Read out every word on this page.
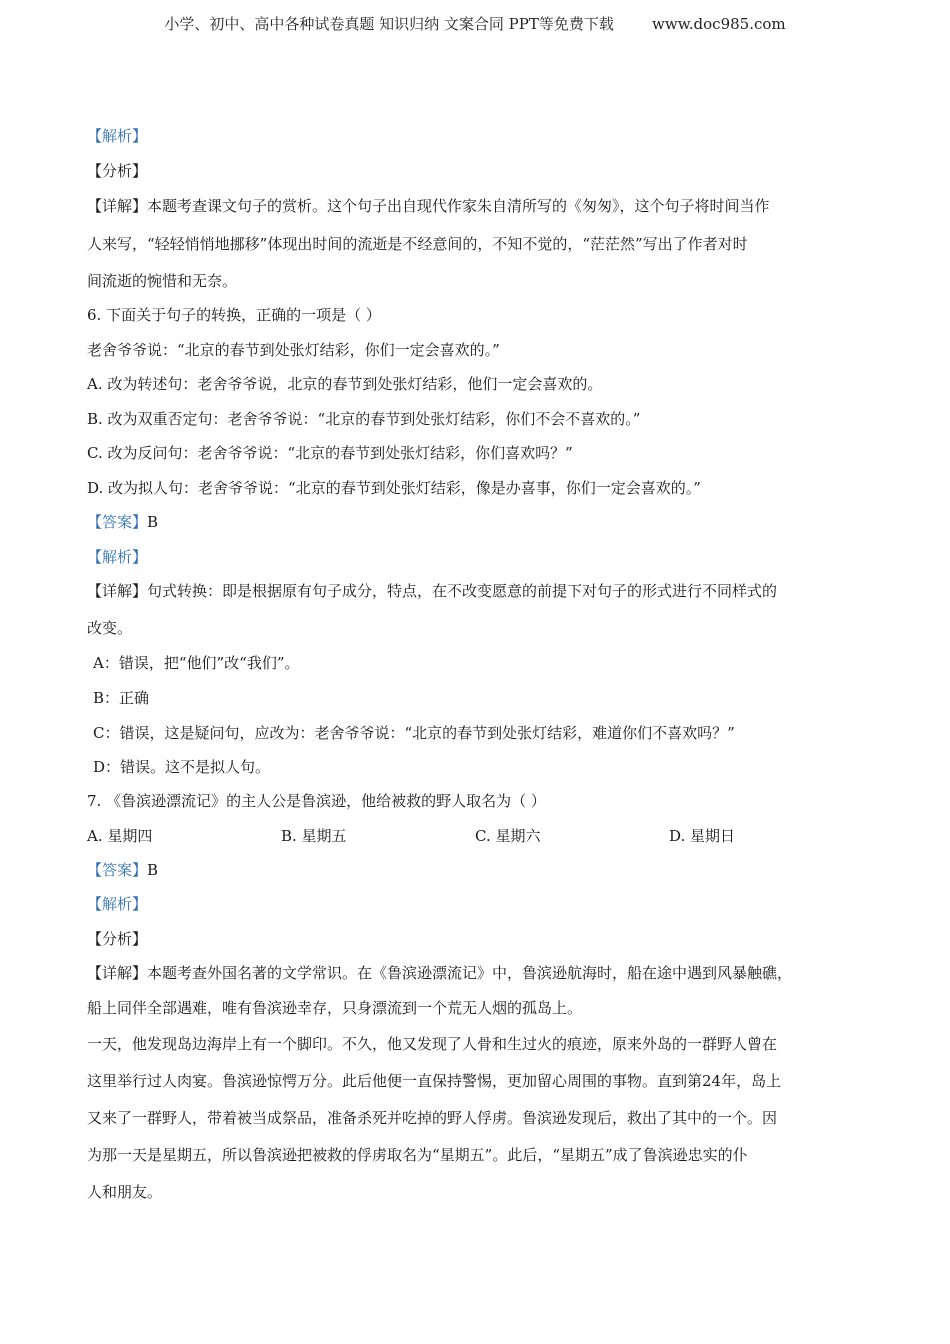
小学、初中、高中各种试卷真题 知识归纳 文案合同 PPT等免费下载	www.doc985.com
【解析】
【分析】
【详解】本题考查课文句子的赏析。这个句子出自现代作家朱自清所写的《匆匆》，这个句子将时间当作
人来写，“轻轻悄悄地挪移”体现出时间的流逝是不经意间的，不知不觉的，“茫茫然”写出了作者对时
间流逝的惋惜和无奈。
6. 下面关于句子的转换，正确的一项是（ ）
老舍爷爷说：“北京的春节到处张灯结彩，你们一定会喜欢的。”
A. 改为转述句：老舍爷爷说，北京的春节到处张灯结彩，他们一定会喜欢的。
B. 改为双重否定句：老舍爷爷说：“北京的春节到处张灯结彩，你们不会不喜欢的。”
C. 改为反问句：老舍爷爷说：“北京的春节到处张灯结彩，你们喜欢吗？”
D. 改为拟人句：老舍爷爷说：“北京的春节到处张灯结彩，像是办喜事，你们一定会喜欢的。”
【答案】B
【解析】
【详解】句式转换：即是根据原有句子成分，特点，在不改变愿意的前提下对句子的形式进行不同样式的
改变。
A：错误，把“他们”改“我们”。
B：正确
C：错误，这是疑问句，应改为：老舍爷爷说：“北京的春节到处张灯结彩，难道你们不喜欢吗？”
D：错误。这不是拟人句。
7. 《鲁滨逊漂流记》的主人公是鲁滨逊，他给被救的野人取名为（ ）
A. 星期四	B. 星期五	C. 星期六	D. 星期日
【答案】B
【解析】
【分析】
【详解】本题考查外国名著的文学常识。在《鲁滨逊漂流记》中，鲁滨逊航海时，船在途中遇到风暴触礁，
船上同伴全部遇难，唯有鲁滨逊幸存，只身漂流到一个荒无人烟的孤岛上。
一天，他发现岛边海岸上有一个脚印。不久，他又发现了人骨和生过火的痕迹，原来外岛的一群野人曾在
这里举行过人肉宴。鲁滨逊惊愕万分。此后他便一直保持警惕，更加留心周围的事物。直到第24年，岛上
又来了一群野人，带着被当成祭品，准备杀死并吃掉的野人俘虏。鲁滨逊发现后，救出了其中的一个。因
为那一天是星期五，所以鲁滨逊把被救的俘虏取名为“星期五”。此后，“星期五”成了鲁滨逊忠实的仆
人和朋友。
